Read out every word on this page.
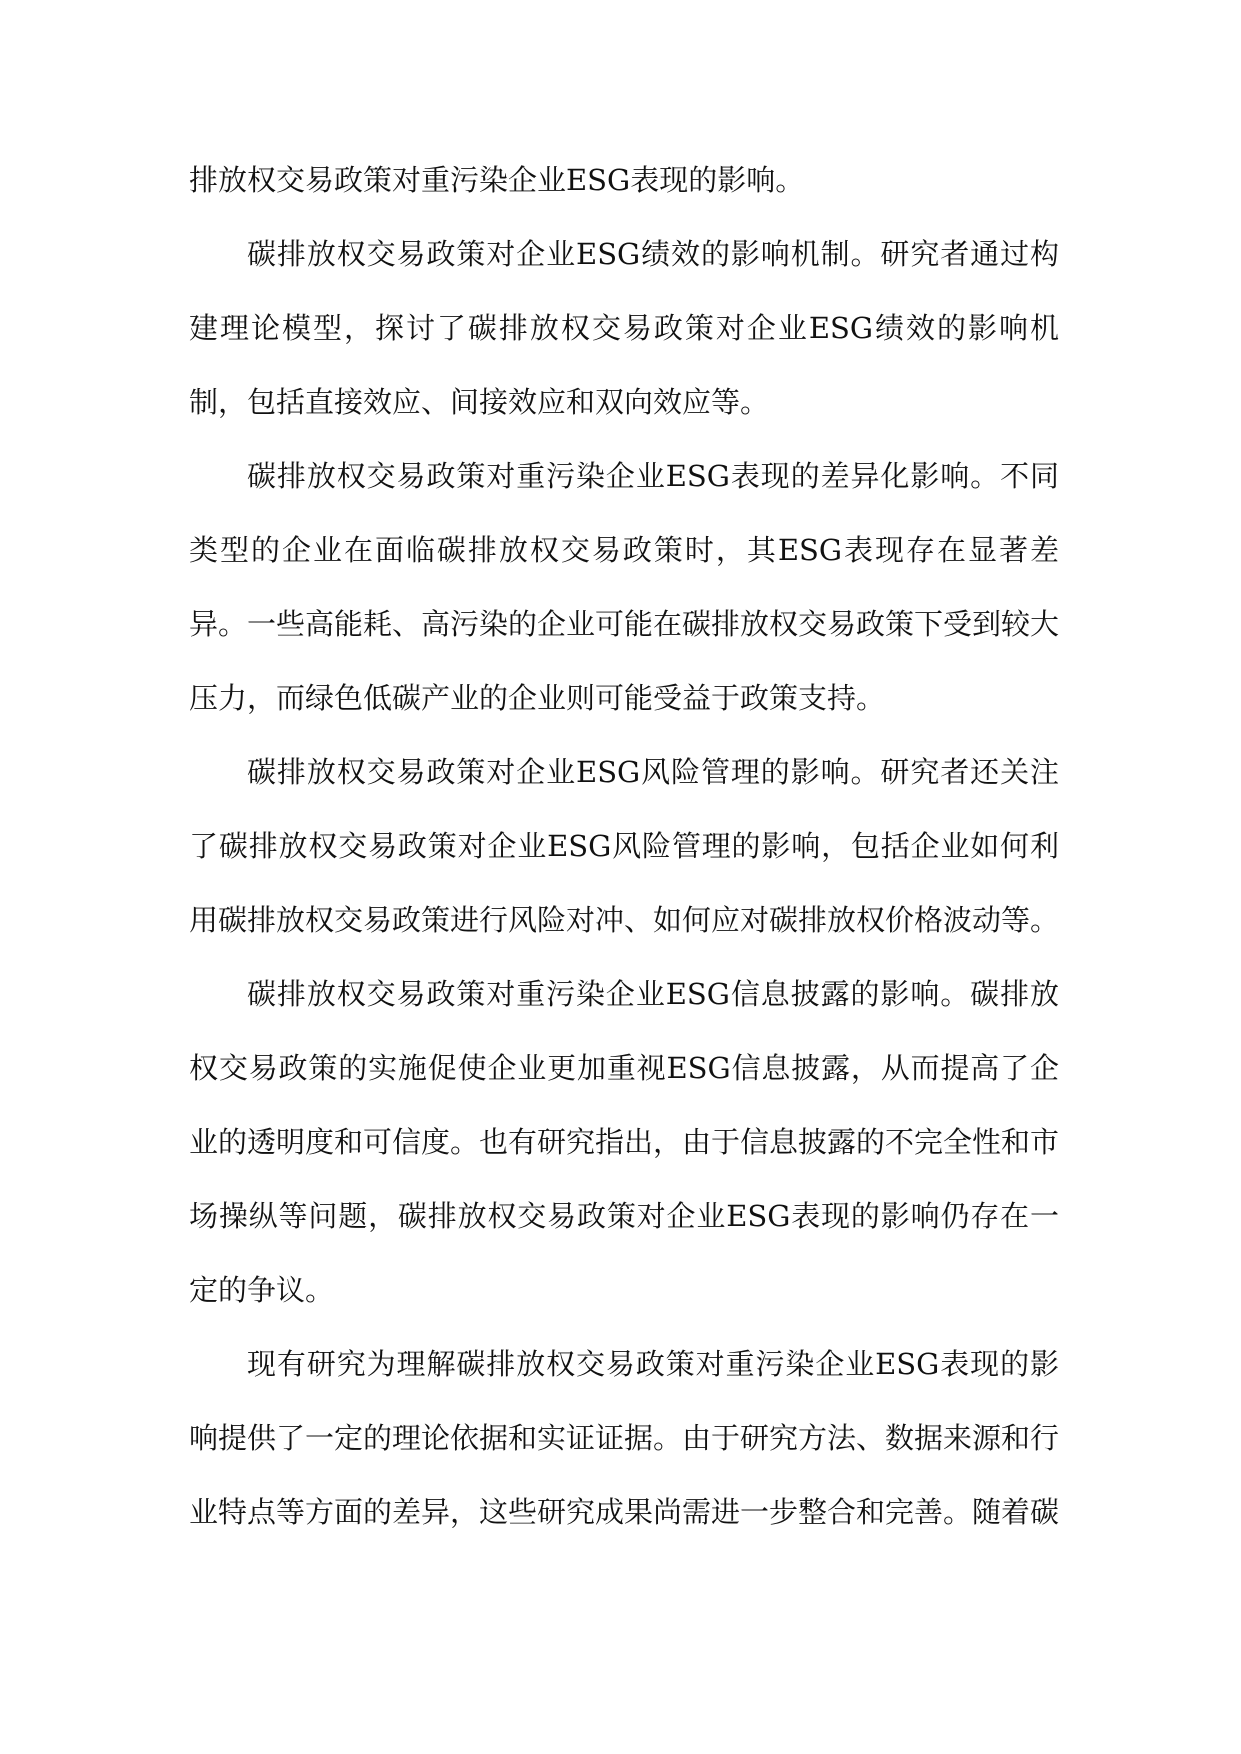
排放权交易政策对重污染企业ESG表现的影响。

碳排放权交易政策对企业ESG绩效的影响机制。研究者通过构建理论模型，探讨了碳排放权交易政策对企业ESG绩效的影响机制，包括直接效应、间接效应和双向效应等。

碳排放权交易政策对重污染企业ESG表现的差异化影响。不同类型的企业在面临碳排放权交易政策时，其ESG表现存在显著差异。一些高能耗、高污染的企业可能在碳排放权交易政策下受到较大压力，而绿色低碳产业的企业则可能受益于政策支持。

碳排放权交易政策对企业ESG风险管理的影响。研究者还关注了碳排放权交易政策对企业ESG风险管理的影响，包括企业如何利用碳排放权交易政策进行风险对冲、如何应对碳排放权价格波动等。

碳排放权交易政策对重污染企业ESG信息披露的影响。碳排放权交易政策的实施促使企业更加重视ESG信息披露，从而提高了企业的透明度和可信度。也有研究指出，由于信息披露的不完全性和市场操纵等问题，碳排放权交易政策对企业ESG表现的影响仍存在一定的争议。

现有研究为理解碳排放权交易政策对重污染企业ESG表现的影响提供了一定的理论依据和实证证据。由于研究方法、数据来源和行业特点等方面的差异，这些研究成果尚需进一步整合和完善。随着碳
